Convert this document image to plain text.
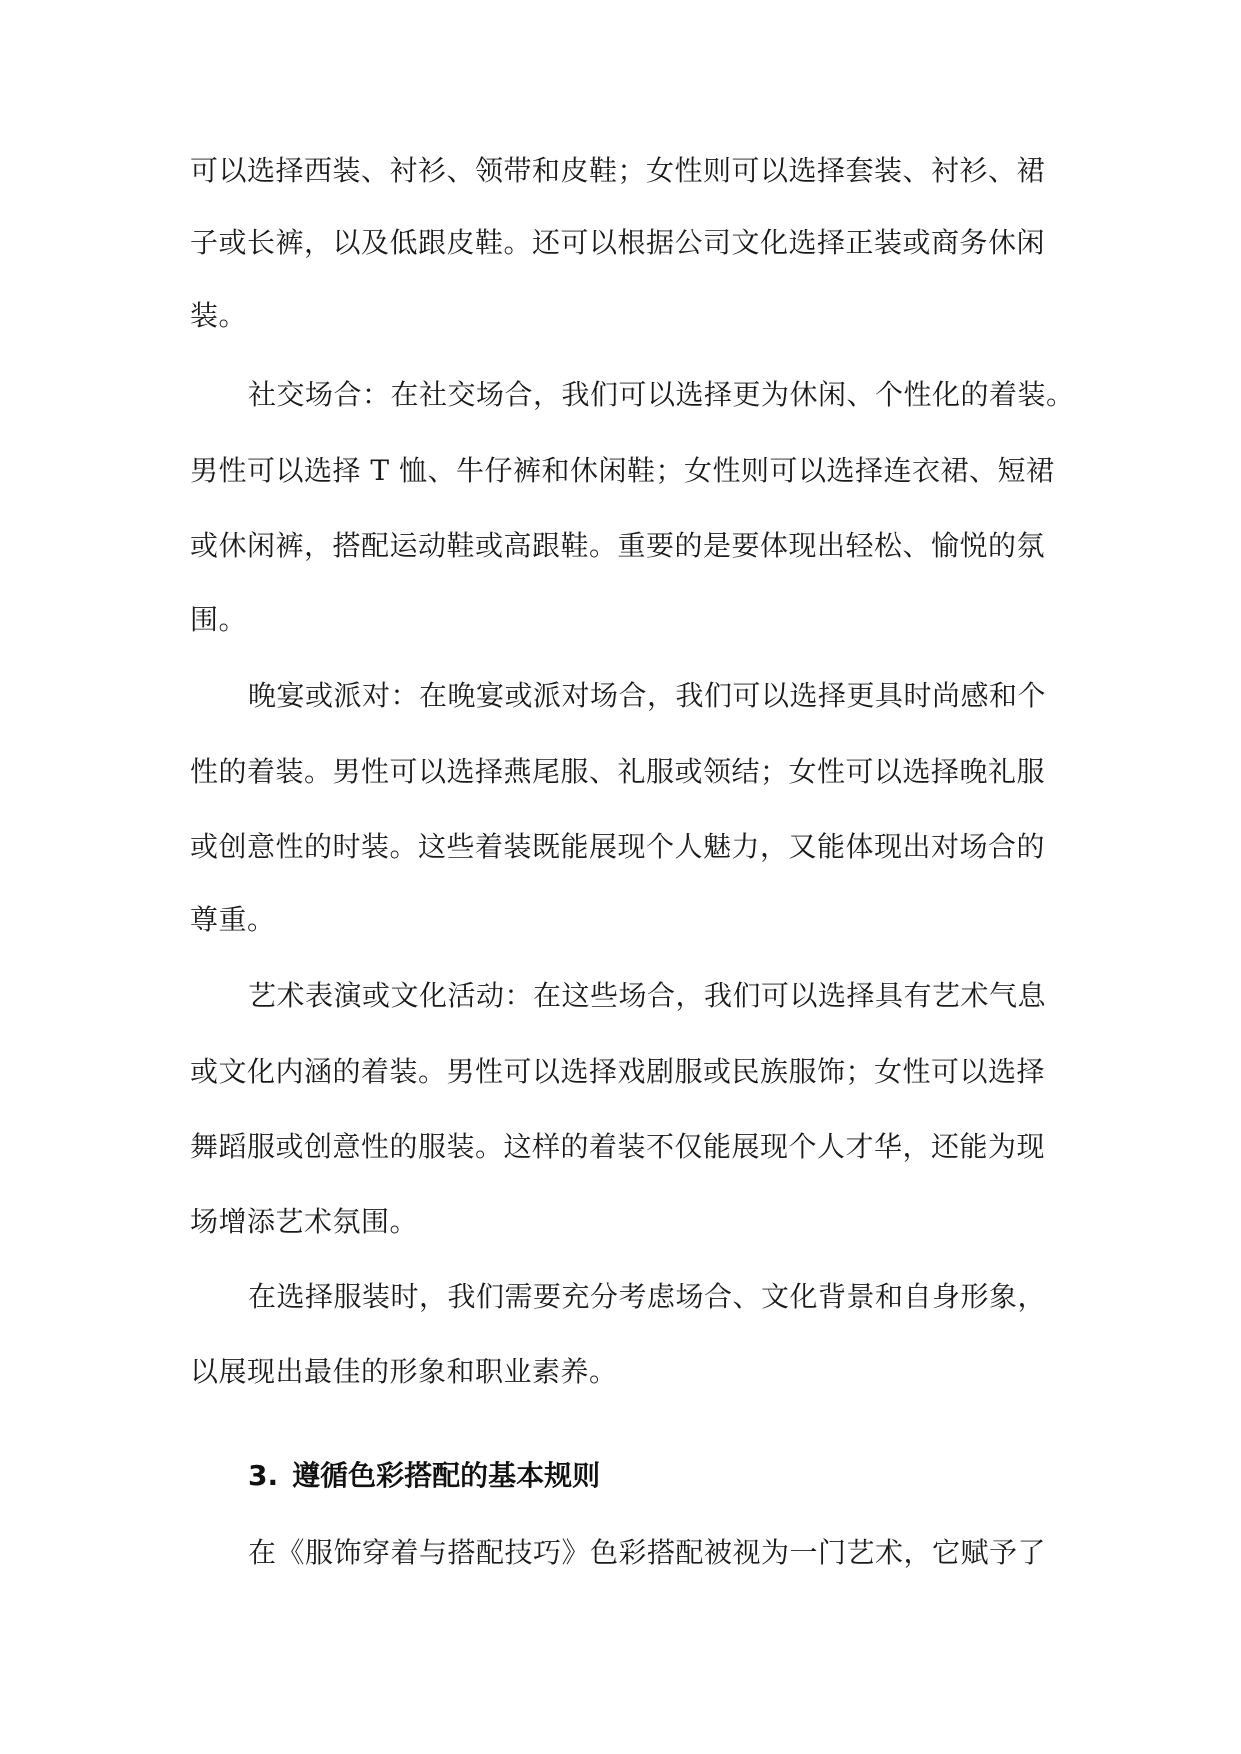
可以选择西装、衬衫、领带和皮鞋；女性则可以选择套装、衬衫、裙
子或长裤，以及低跟皮鞋。还可以根据公司文化选择正装或商务休闲
装。
社交场合：在社交场合，我们可以选择更为休闲、个性化的着装。
男性可以选择 T 恤、牛仔裤和休闲鞋；女性则可以选择连衣裙、短裙
或休闲裤，搭配运动鞋或高跟鞋。重要的是要体现出轻松、愉悦的氛
围。
晚宴或派对：在晚宴或派对场合，我们可以选择更具时尚感和个
性的着装。男性可以选择燕尾服、礼服或领结；女性可以选择晚礼服
或创意性的时装。这些着装既能展现个人魅力，又能体现出对场合的
尊重。
艺术表演或文化活动：在这些场合，我们可以选择具有艺术气息
或文化内涵的着装。男性可以选择戏剧服或民族服饰；女性可以选择
舞蹈服或创意性的服装。这样的着装不仅能展现个人才华，还能为现
场增添艺术氛围。
在选择服装时，我们需要充分考虑场合、文化背景和自身形象，
以展现出最佳的形象和职业素养。
3. 遵循色彩搭配的基本规则
在《服饰穿着与搭配技巧》色彩搭配被视为一门艺术，它赋予了
